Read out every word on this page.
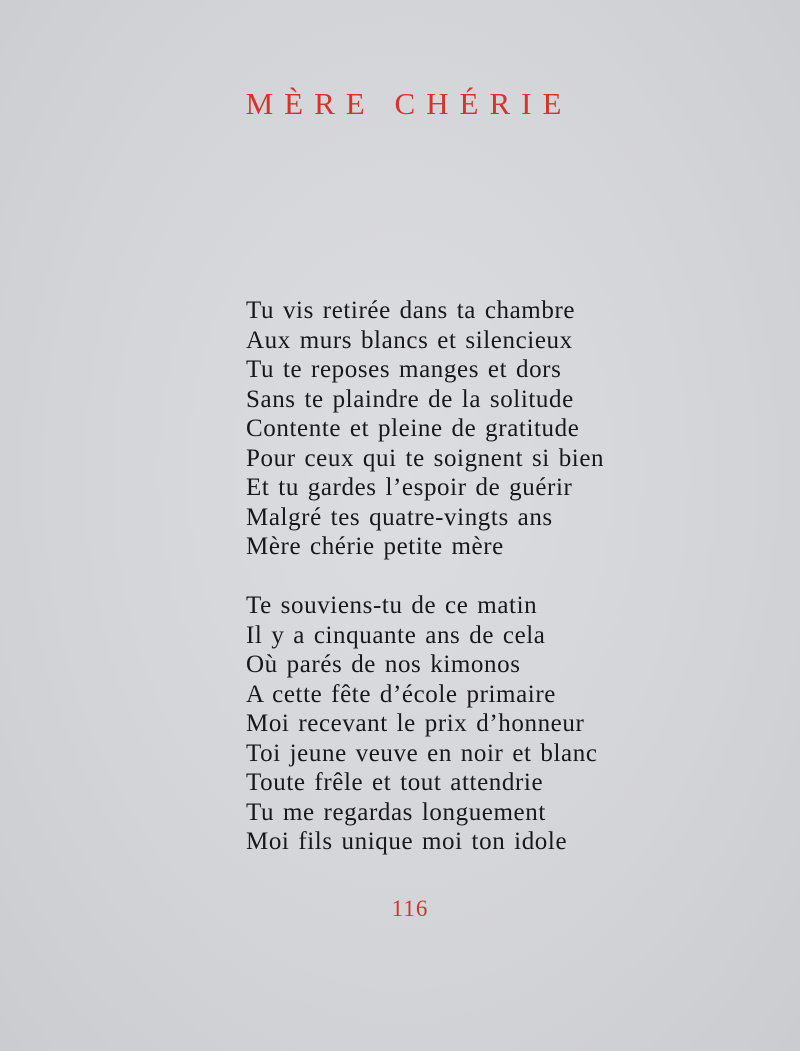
MÈRE CHÉRIE

Tu vis retirée dans ta chambre
Aux murs blancs et silencieux
Tu te reposes manges et dors
Sans te plaindre de la solitude
Contente et pleine de gratitude
Pour ceux qui te soignent si bien
Et tu gardes l’espoir de guérir
Malgré tes quatre-vingts ans
Mère chérie petite mère

Te souviens-tu de ce matin
Il y a cinquante ans de cela
Où parés de nos kimonos
A cette fête d’école primaire
Moi recevant le prix d’honneur
Toi jeune veuve en noir et blanc
Toute frêle et tout attendrie
Tu me regardas longuement
Moi fils unique moi ton idole

116
